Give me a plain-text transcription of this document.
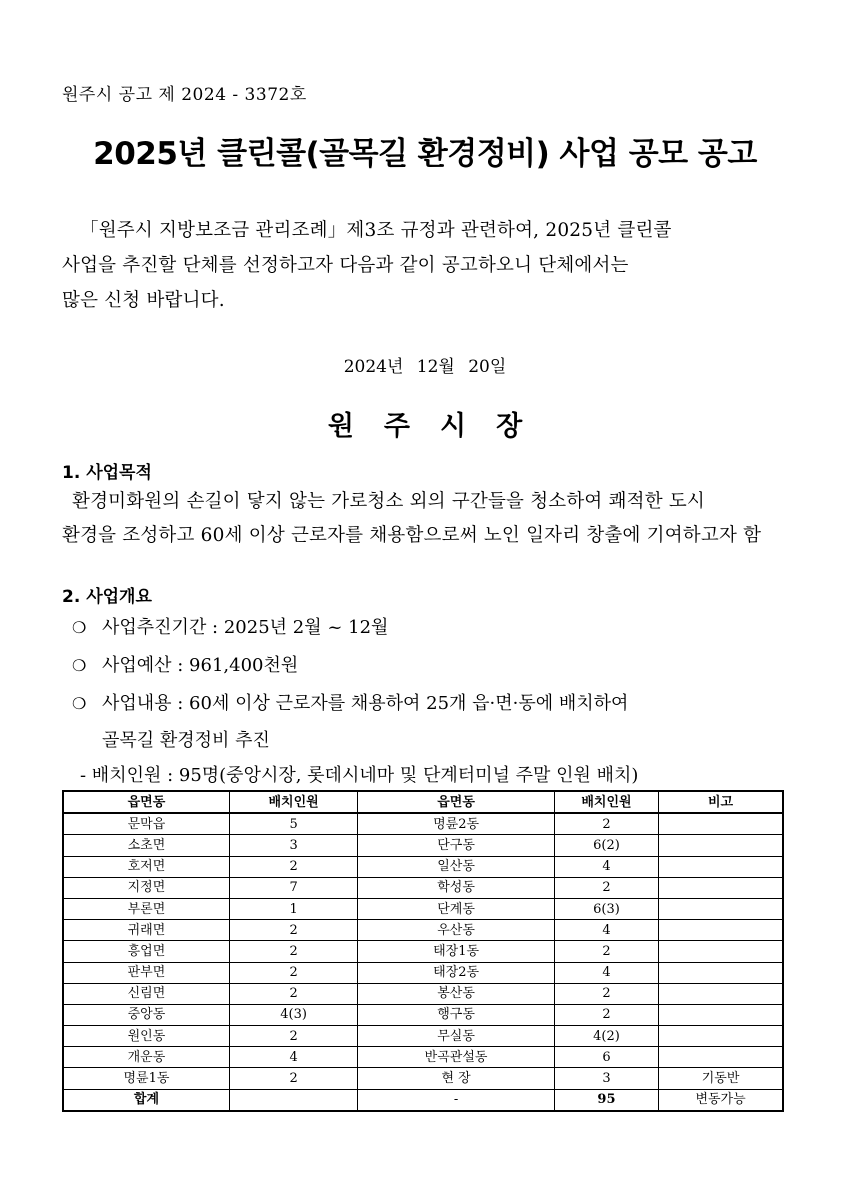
원주시 공고 제 2024 - 3372호
2025년 클린콜(골목길 환경정비) 사업 공모 공고
「원주시 지방보조금 관리조례」제3조 규정과 관련하여, 2025년 클린콜
사업을 추진할 단체를 선정하고자 다음과 같이 공고하오니 단체에서는
많은 신청 바랍니다.
2024년 12월 20일
원주시장
1. 사업목적
환경미화원의 손길이 닿지 않는 가로청소 외의 구간들을 청소하여 쾌적한 도시
환경을 조성하고 60세 이상 근로자를 채용함으로써 노인 일자리 창출에 기여하고자 함
2. 사업개요
❍ 사업추진기간 : 2025년 2월 ~ 12월
❍ 사업예산 : 961,400천원
❍ 사업내용 : 60세 이상 근로자를 채용하여 25개 읍·면·동에 배치하여
골목길 환경정비 추진
- 배치인원 : 95명(중앙시장, 롯데시네마 및 단계터미널 주말 인원 배치)
읍면동	배치인원	읍면동	배치인원	비고
문막읍	5	명륜2동	2	
소초면	3	단구동	6(2)	
호저면	2	일산동	4	
지정면	7	학성동	2	
부론면	1	단계동	6(3)	
귀래면	2	우산동	4	
흥업면	2	태장1동	2	
판부면	2	태장2동	4	
신림면	2	봉산동	2	
중앙동	4(3)	행구동	2	
원인동	2	무실동	4(2)	
개운동	4	반곡관설동	6	
명륜1동	2	현 장	3	기동반
합계		-	95	변동가능
